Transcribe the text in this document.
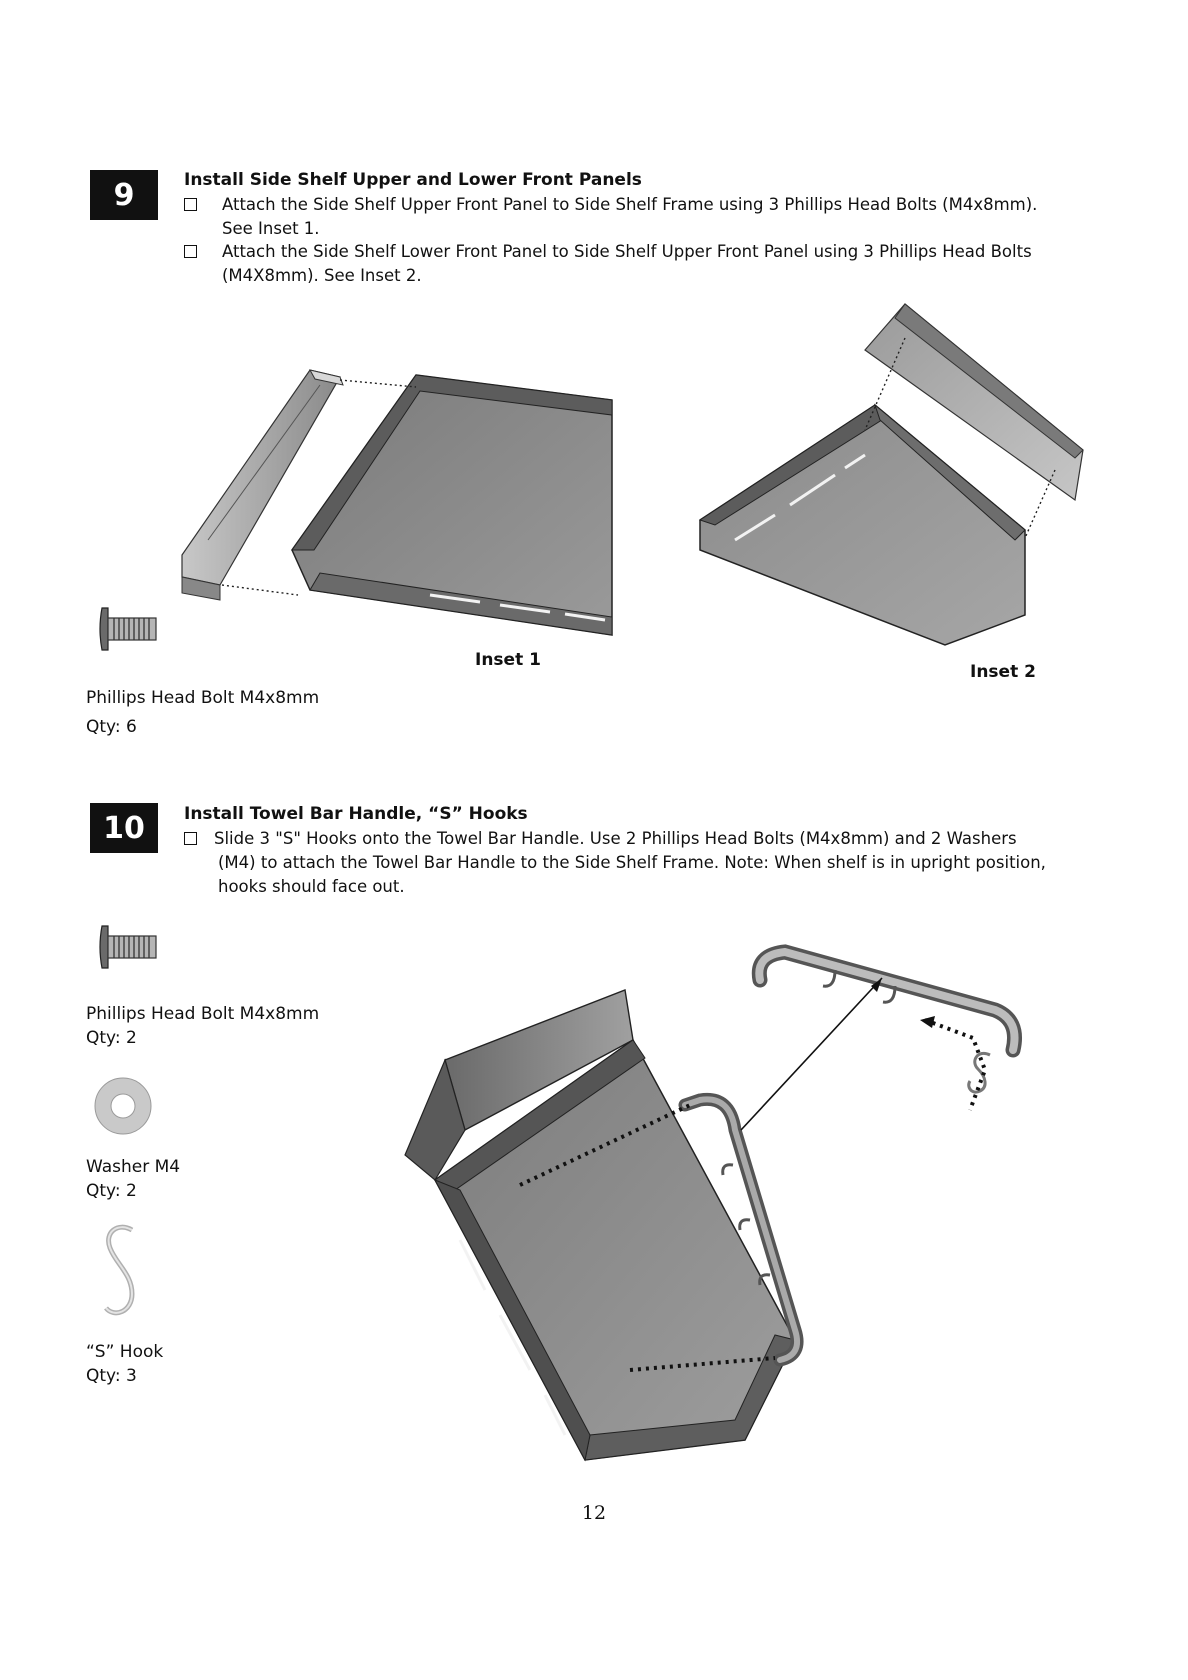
9	Install Side Shelf Upper and Lower Front Panels
Attach the Side Shelf Upper Front Panel to Side Shelf Frame using 3 Phillips Head Bolts (M4x8mm).
See Inset 1.
Attach the Side Shelf Lower Front Panel to Side Shelf Upper Front Panel using 3 Phillips Head Bolts
(M4X8mm). See Inset 2.
Phillips Head Bolt M4x8mm
Qty: 6
Inset 1
Inset 2
10 Install Towel Bar Handle, “S” Hooks
Slide 3 "S" Hooks onto the Towel Bar Handle. Use 2 Phillips Head Bolts (M4x8mm) and 2 Washers
(M4) to attach the Towel Bar Handle to the Side Shelf Frame. Note: When shelf is in upright position,
hooks should face out.
Phillips Head Bolt M4x8mm
Qty: 2
Washer M4
Qty: 2
“S” Hook
Qty: 3
12
